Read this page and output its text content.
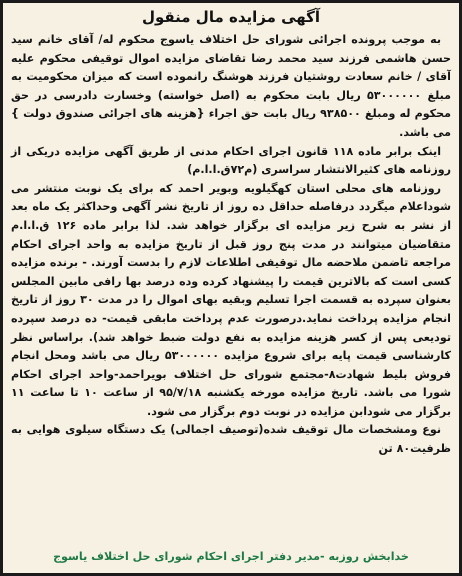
آگهی مزایده مال منقول

به موجب پرونده اجرائی شورای حل اختلاف یاسوج محکوم له/ آقای خانم سید حسن هاشمی فرزند سید محمد رضا تقاضای مزایده اموال توقیفی محکوم علیه آقای / خانم سعادت روشتیان فرزند هوشنگ رانموده است که میزان محکومیت به مبلغ ۵۳۰۰۰۰۰۰ ریال بابت محکوم به (اصل خواسته) وخسارت دادرسی در حق محکوم له ومبلغ ۹۳۸۵۰۰ ریال بابت حق اجراء {هزینه های اجرائی صندوق دولت } می باشد.

اینک برابر ماده ۱۱۸ قانون اجرای احکام مدنی از طریق آگهی مزایده دریکی از روزنامه های کثیرالانتشار سراسری (م۷۲ق.ا.ا.م)

روزنامه های محلی استان کهگیلویه وبویر احمد که برای یک نوبت منتشر می شوداعلام میگردد درفاصله حداقل ده روز از تاریخ نشر آگهی وحداکثر یک ماه بعد از نشر به شرح زیر مزایده ای برگزار خواهد شد. لذا برابر ماده ۱۲۶ ق.ا.ا.م متقاضیان میتوانند در مدت پنج روز قبل از تاریخ مزایده به واحد اجرای احکام مراجعه تاضمن ملاحضه مال توقیفی اطلاعات لازم را بدست آورند. - برنده مزایده کسی است که بالاترین قیمت را پیشنهاد کرده وده درصد بها رافی مابین المجلس بعنوان سپرده به قسمت اجرا تسلیم وبقیه بهای اموال را در مدت ۳۰ روز از تاریخ انجام مزایده پرداخت نماید.درصورت عدم پرداخت مابقی قیمت- ده درصد سپرده تودیعی پس از کسر هزینه مزایده به نفع دولت ضبط خواهد شد). براساس نظر کارشناسی قیمت پایه برای شروع مزایده ۵۳۰۰۰۰۰۰ ریال می باشد ومحل انجام فروش بلیط شهادت۸-مجتمع شورای حل اختلاف بویراحمد-واحد اجرای احکام شورا می باشد. تاریخ مزایده مورخه یکشنبه ۹۵/۷/۱۸ از ساعت ۱۰ تا ساعت ۱۱ برگزار می شودابن مزایده در نوبت دوم برگزار می شود.

نوع ومشخصات مال توقیف شده(توصیف اجمالی) یک دستگاه سیلوی هوایی به ظرفیت۸۰ تن

خدابخش روزبه -مدیر دفتر اجرای احکام شورای حل اختلاف یاسوج
